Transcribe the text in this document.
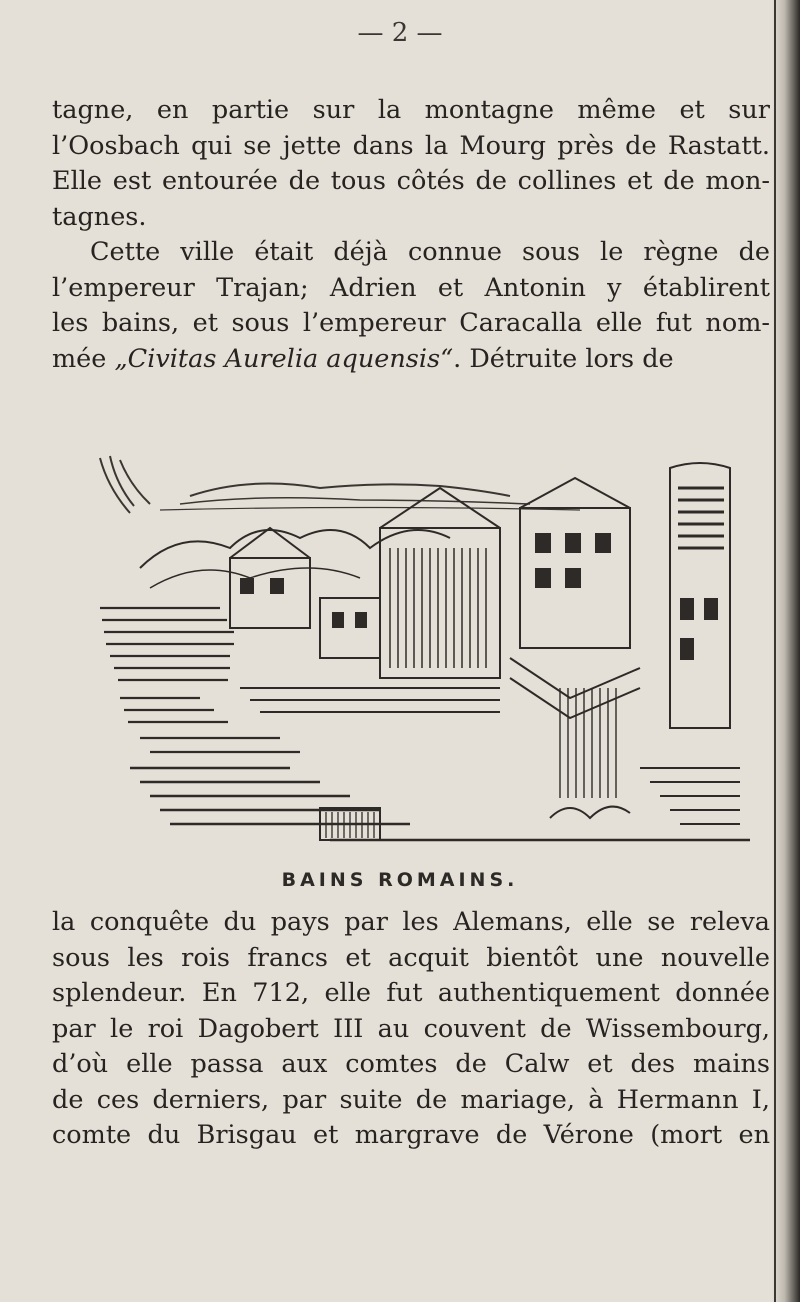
— 2 —
tagne, en partie sur la montagne même et sur
l’Oosbach qui se jette dans la Mourg près de Rastatt.
Elle est entourée de tous côtés de collines et de mon-
tagnes.
Cette ville était déjà connue sous le règne de
l’empereur Trajan; Adrien et Antonin y établirent
les bains, et sous l’empereur Caracalla elle fut nom-
mée „Civitas Aurelia aquensis“. Détruite lors de
BAINS ROMAINS.
la conquête du pays par les Alemans, elle se releva
sous les rois francs et acquit bientôt une nouvelle
splendeur. En 712, elle fut authentiquement donnée
par le roi Dagobert III au couvent de Wissembourg,
d’où elle passa aux comtes de Calw et des mains
de ces derniers, par suite de mariage, à Hermann I,
comte du Brisgau et margrave de Vérone (mort en
